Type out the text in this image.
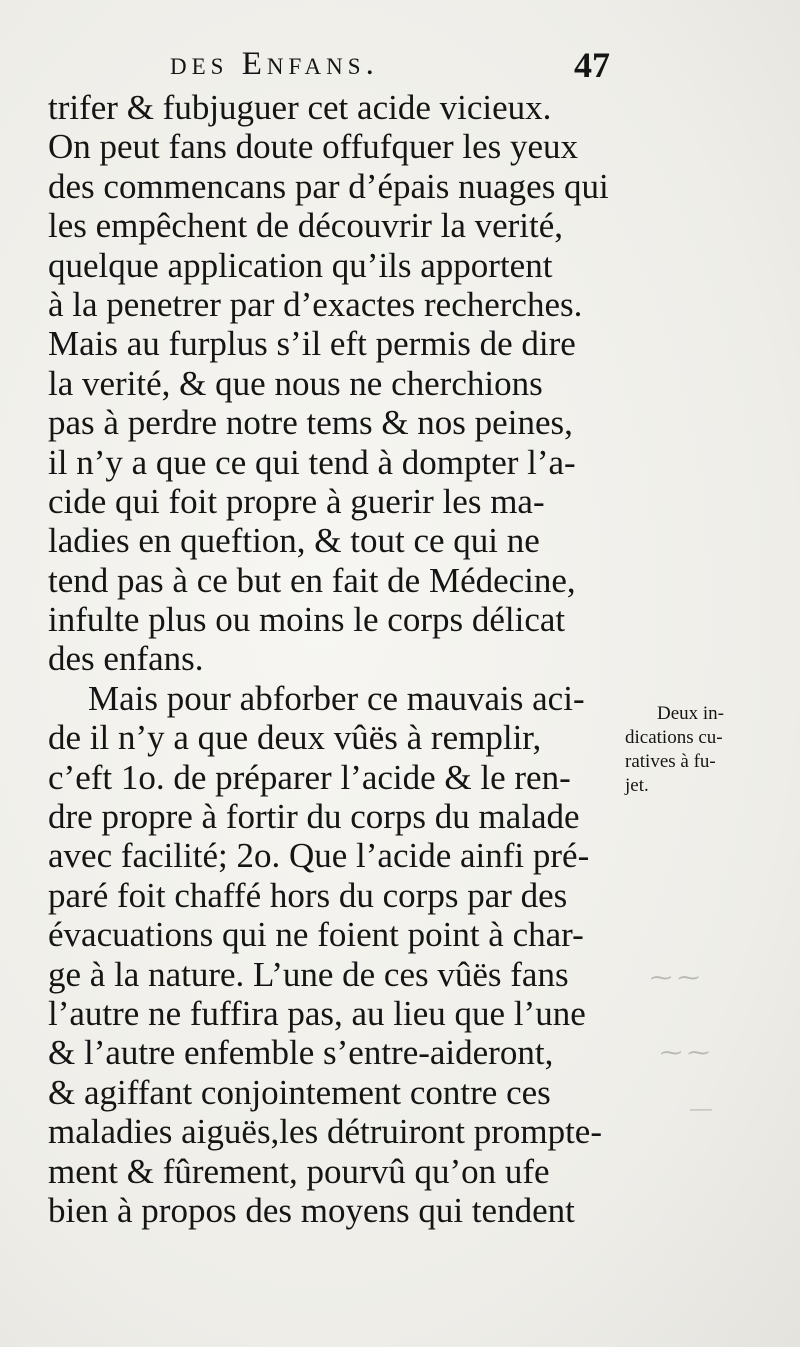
⁓ ⁓
⁓ ⁓
—
des Enfans.	47
trifer & fubjuguer cet acide vicieux.
On peut fans doute offufquer les yeux
des commencans par d’épais nuages qui
les empêchent de découvrir la verité,
quelque application qu’ils apportent
à la penetrer par d’exactes recherches.
Mais au furplus s’il eft permis de dire
la verité, & que nous ne cherchions
pas à perdre notre tems & nos peines,
il n’y a que ce qui tend à dompter l’a-
cide qui foit propre à guerir les ma-
ladies en queftion, & tout ce qui ne
tend pas à ce but en fait de Médecine,
infulte plus ou moins le corps délicat
des enfans.
Mais pour abforber ce mauvais aci-
de il n’y a que deux vûës à remplir,
c’eft 1o. de préparer l’acide & le ren-
dre propre à fortir du corps du malade
avec facilité; 2o. Que l’acide ainfi pré-
paré foit chaffé hors du corps par des
évacuations qui ne foient point à char-
ge à la nature. L’une de ces vûës fans
l’autre ne fuffira pas, au lieu que l’une
& l’autre enfemble s’entre-aideront,
& agiffant conjointement contre ces
maladies aiguës,les détruiront prompte-
ment & fûrement, pourvû qu’on ufe
bien à propos des moyens qui tendent
Deux in-
dications cu-
ratives à fu-
jet.
